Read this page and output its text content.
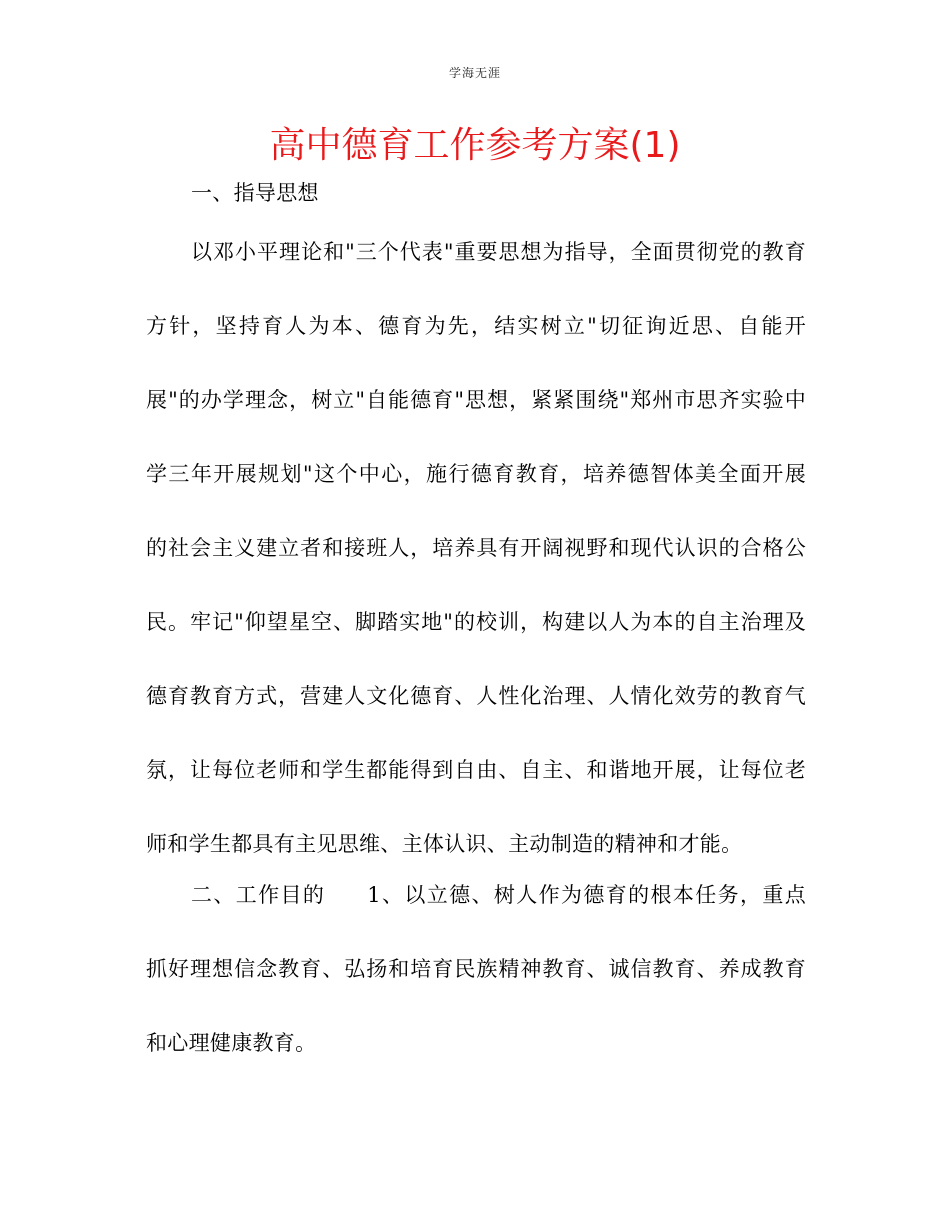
学海无涯
高中德育工作参考方案(1)
一、指导思想
以邓小平理论和"三个代表"重要思想为指导，全面贯彻党的教育
方针，坚持育人为本、德育为先，结实树立"切征询近思、自能开
展"的办学理念，树立"自能德育"思想，紧紧围绕"郑州市思齐实验中
学三年开展规划"这个中心，施行德育教育，培养德智体美全面开展
的社会主义建立者和接班人，培养具有开阔视野和现代认识的合格公
民。牢记"仰望星空、脚踏实地"的校训，构建以人为本的自主治理及
德育教育方式，营建人文化德育、人性化治理、人情化效劳的教育气
氛，让每位老师和学生都能得到自由、自主、和谐地开展，让每位老
师和学生都具有主见思维、主体认识、主动制造的精神和才能。
二、工作目的 1、以立德、树人作为德育的根本任务，重点
抓好理想信念教育、弘扬和培育民族精神教育、诚信教育、养成教育
和心理健康教育。
